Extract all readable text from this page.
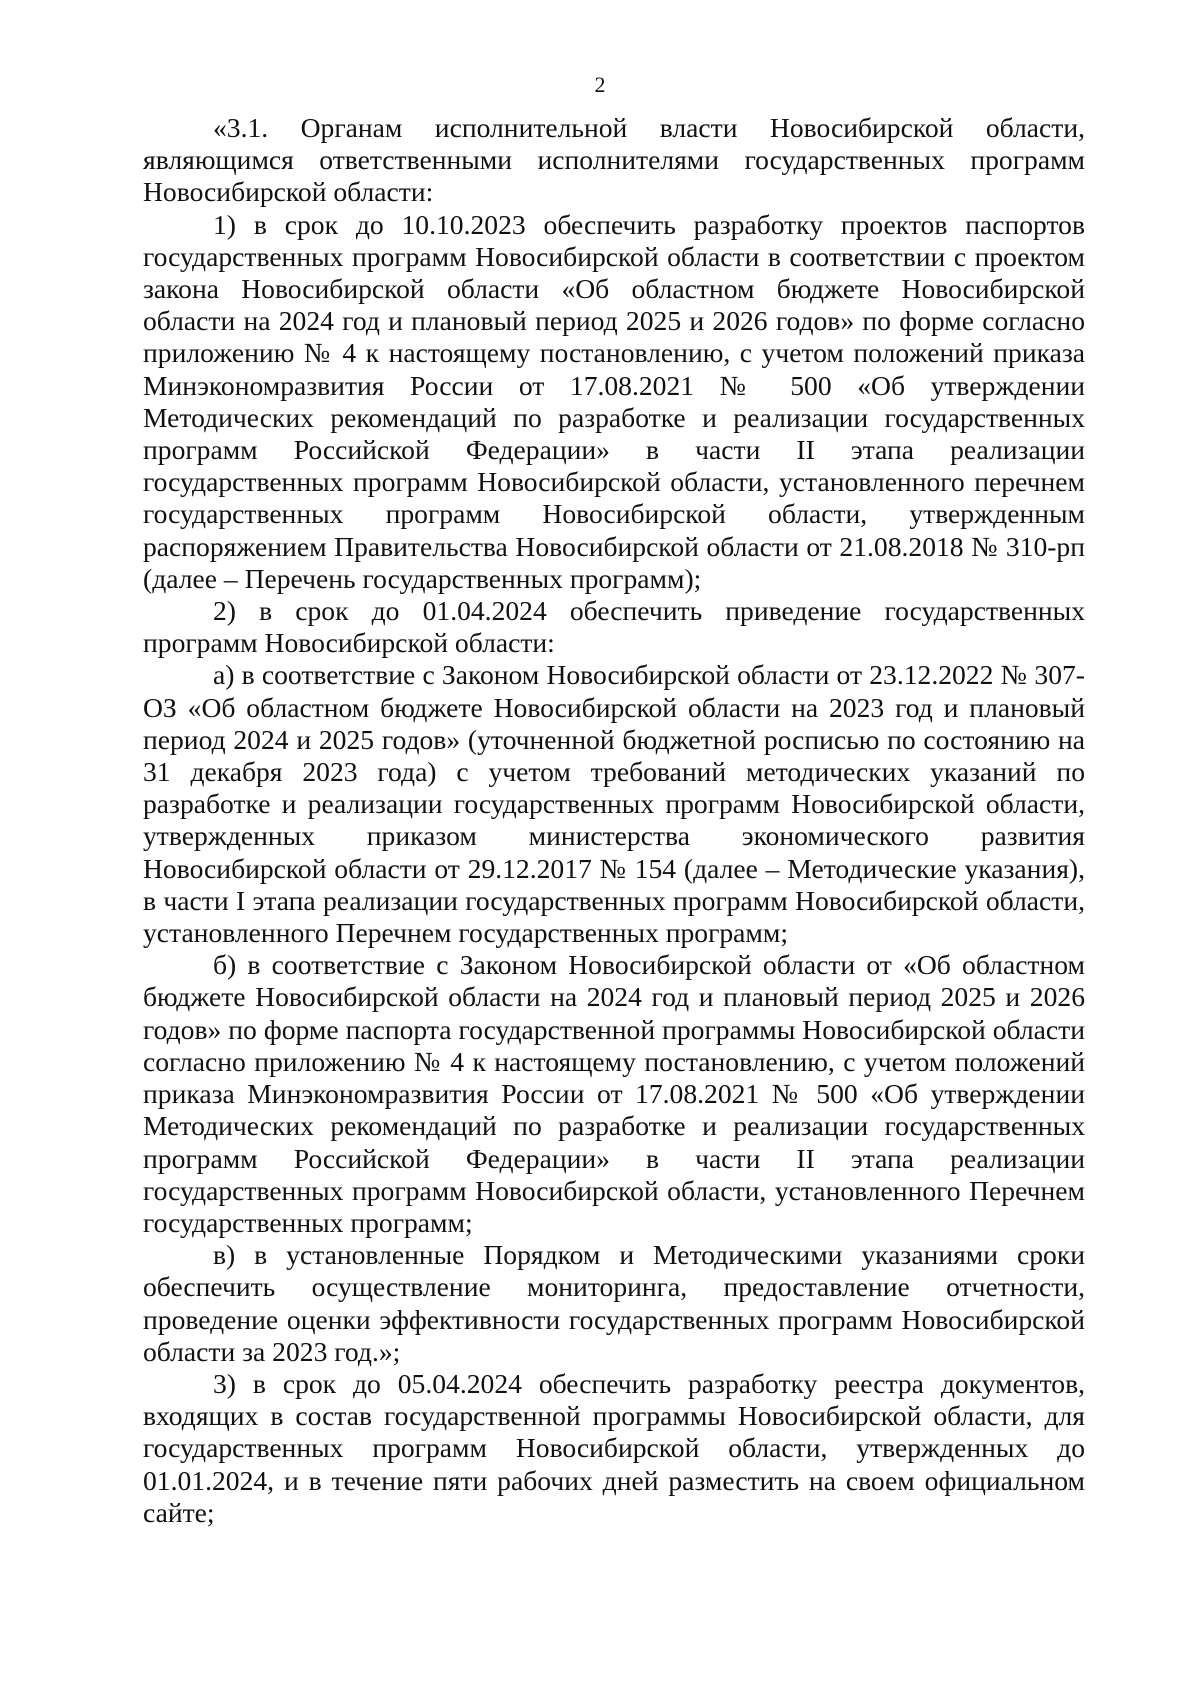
2

«3.1. Органам исполнительной власти Новосибирской области, являющимся ответственными исполнителями государственных программ Новосибирской области:

1) в срок до 10.10.2023 обеспечить разработку проектов паспортов государственных программ Новосибирской области в соответствии с проектом закона Новосибирской области «Об областном бюджете Новосибирской области на 2024 год и плановый период 2025 и 2026 годов» по форме согласно приложению № 4 к настоящему постановлению, с учетом положений приказа Минэкономразвития России от 17.08.2021 № 500 «Об утверждении Методических рекомендаций по разработке и реализации государственных программ Российской Федерации» в части II этапа реализации государственных программ Новосибирской области, установленного перечнем государственных программ Новосибирской области, утвержденным распоряжением Правительства Новосибирской области от 21.08.2018 № 310-рп (далее – Перечень государственных программ);

2) в срок до 01.04.2024 обеспечить приведение государственных программ Новосибирской области:

а) в соответствие с Законом Новосибирской области от 23.12.2022 № 307-ОЗ «Об областном бюджете Новосибирской области на 2023 год и плановый период 2024 и 2025 годов» (уточненной бюджетной росписью по состоянию на 31 декабря 2023 года) с учетом требований методических указаний по разработке и реализации государственных программ Новосибирской области, утвержденных приказом министерства экономического развития Новосибирской области от 29.12.2017 № 154 (далее – Методические указания), в части I этапа реализации государственных программ Новосибирской области, установленного Перечнем государственных программ;

б) в соответствие с Законом Новосибирской области от «Об областном бюджете Новосибирской области на 2024 год и плановый период 2025 и 2026 годов» по форме паспорта государственной программы Новосибирской области согласно приложению № 4 к настоящему постановлению, с учетом положений приказа Минэкономразвития России от 17.08.2021 № 500 «Об утверждении Методических рекомендаций по разработке и реализации государственных программ Российской Федерации» в части II этапа реализации государственных программ Новосибирской области, установленного Перечнем государственных программ;

в) в установленные Порядком и Методическими указаниями сроки обеспечить осуществление мониторинга, предоставление отчетности, проведение оценки эффективности государственных программ Новосибирской области за 2023 год.»;

3) в срок до 05.04.2024 обеспечить разработку реестра документов, входящих в состав государственной программы Новосибирской области, для государственных программ Новосибирской области, утвержденных до 01.01.2024, и в течение пяти рабочих дней разместить на своем официальном сайте;
